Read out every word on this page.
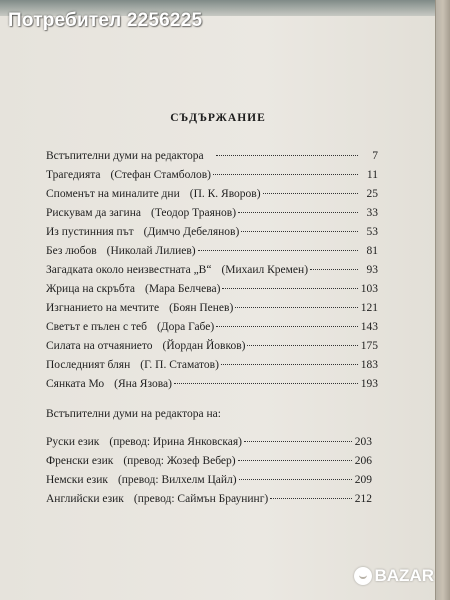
Потребител 2256225
СЪДЪРЖАНИЕ
Встъпителни думи на редактора	7
Трагедията (Стефан Стамболов)	11
Споменът на миналите дни (П. К. Яворов)	25
Рискувам да загина (Теодор Траянов)	33
Из пустинния път (Димчо Дебелянов)	53
Без любов (Николай Лилиев)	81
Загадката около неизвестната „В“ (Михаил Кремен)	93
Жрица на скръбта (Мара Белчева)	103
Изгнанието на мечтите (Боян Пенев)	121
Светът е пълен с теб (Дора Габе)	143
Силата на отчаянието (Йордан Йовков)	175
Последният блян (Г. П. Стаматов)	183
Сянката Мо (Яна Язова)	193
Встъпителни думи на редактора на:
Руски език (превод: Ирина Янковская)	203
Френски език (превод: Жозеф Вебер)	206
Немски език (превод: Вилхелм Цайл)	209
Английски език (превод: Саймън Браунинг)	212
BAZAR
